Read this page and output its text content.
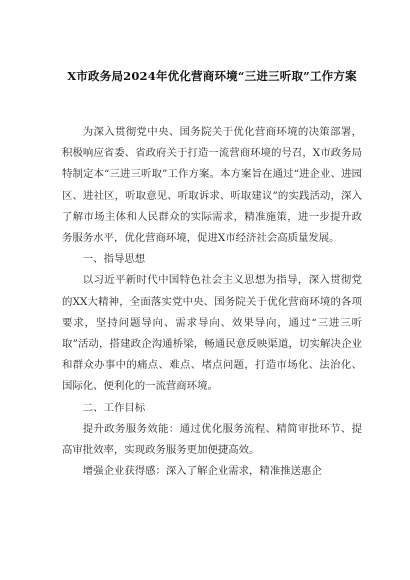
X市政务局2024年优化营商环境“三进三听取”工作方案

为深入贯彻党中央、国务院关于优化营商环境的决策部署，积极响应省委、省政府关于打造一流营商环境的号召，X市政务局特制定本“三进三听取”工作方案。本方案旨在通过“进企业、进园区、进社区，听取意见、听取诉求、听取建议”的实践活动，深入了解市场主体和人民群众的实际需求，精准施策，进一步提升政务服务水平，优化营商环境，促进X市经济社会高质量发展。

一、指导思想

以习近平新时代中国特色社会主义思想为指导，深入贯彻党的XX大精神，全面落实党中央、国务院关于优化营商环境的各项要求，坚持问题导向、需求导向、效果导向，通过“三进三听取”活动，搭建政企沟通桥梁，畅通民意反映渠道，切实解决企业和群众办事中的痛点、难点、堵点问题，打造市场化、法治化、国际化、便利化的一流营商环境。

二、工作目标

提升政务服务效能：通过优化服务流程、精简审批环节、提高审批效率，实现政务服务更加便捷高效。

增强企业获得感：深入了解企业需求，精准推送惠企
